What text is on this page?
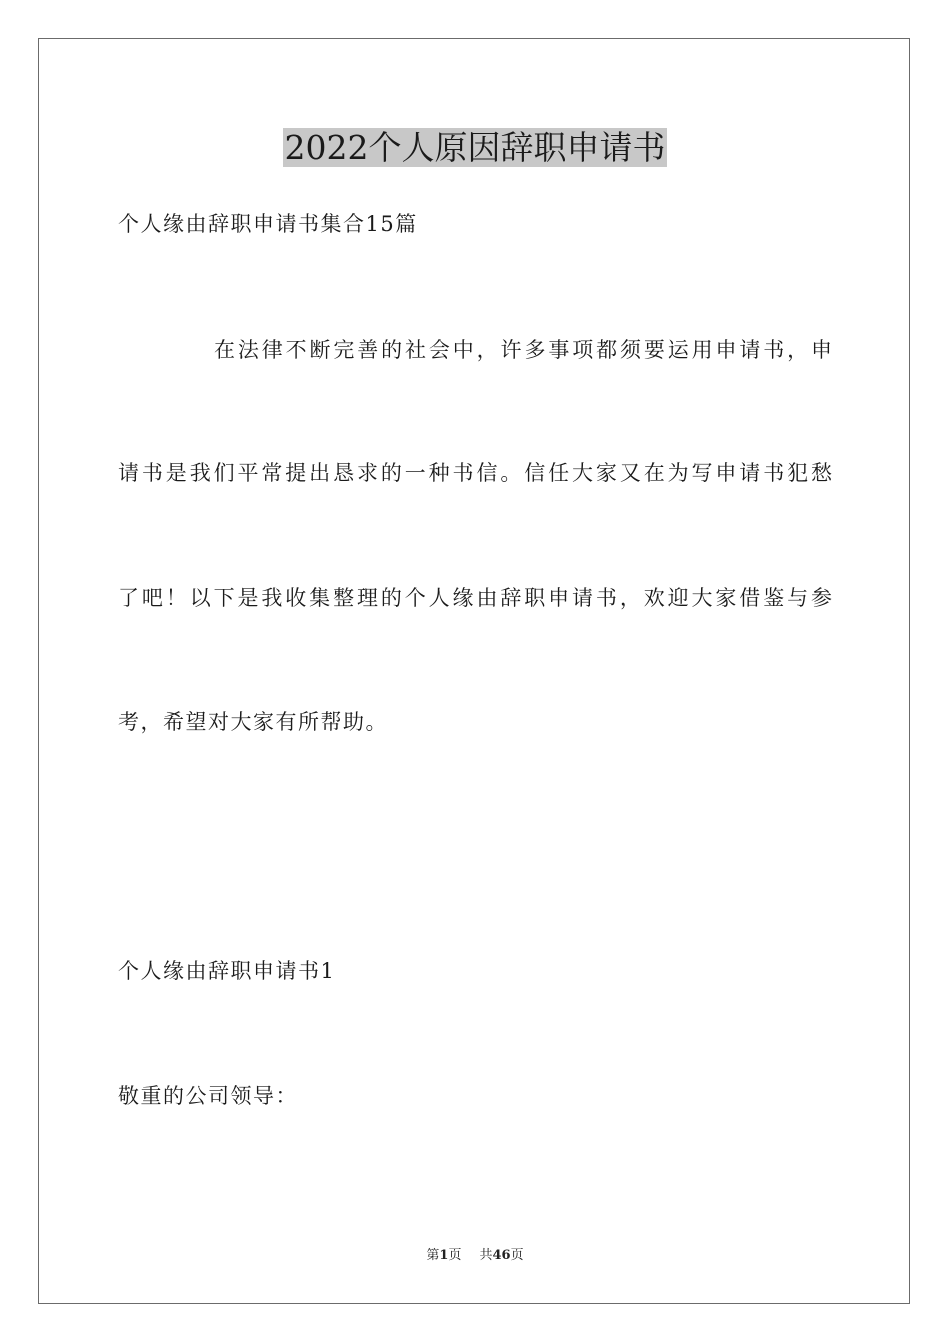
2022个人原因辞职申请书
个人缘由辞职申请书集合15篇
在法律不断完善的社会中，许多事项都须要运用申请书，申
请书是我们平常提出恳求的一种书信。信任大家又在为写申请书犯愁
了吧！以下是我收集整理的个人缘由辞职申请书，欢迎大家借鉴与参
考，希望对大家有所帮助。
个人缘由辞职申请书1
敬重的公司领导：
第1页 共46页
